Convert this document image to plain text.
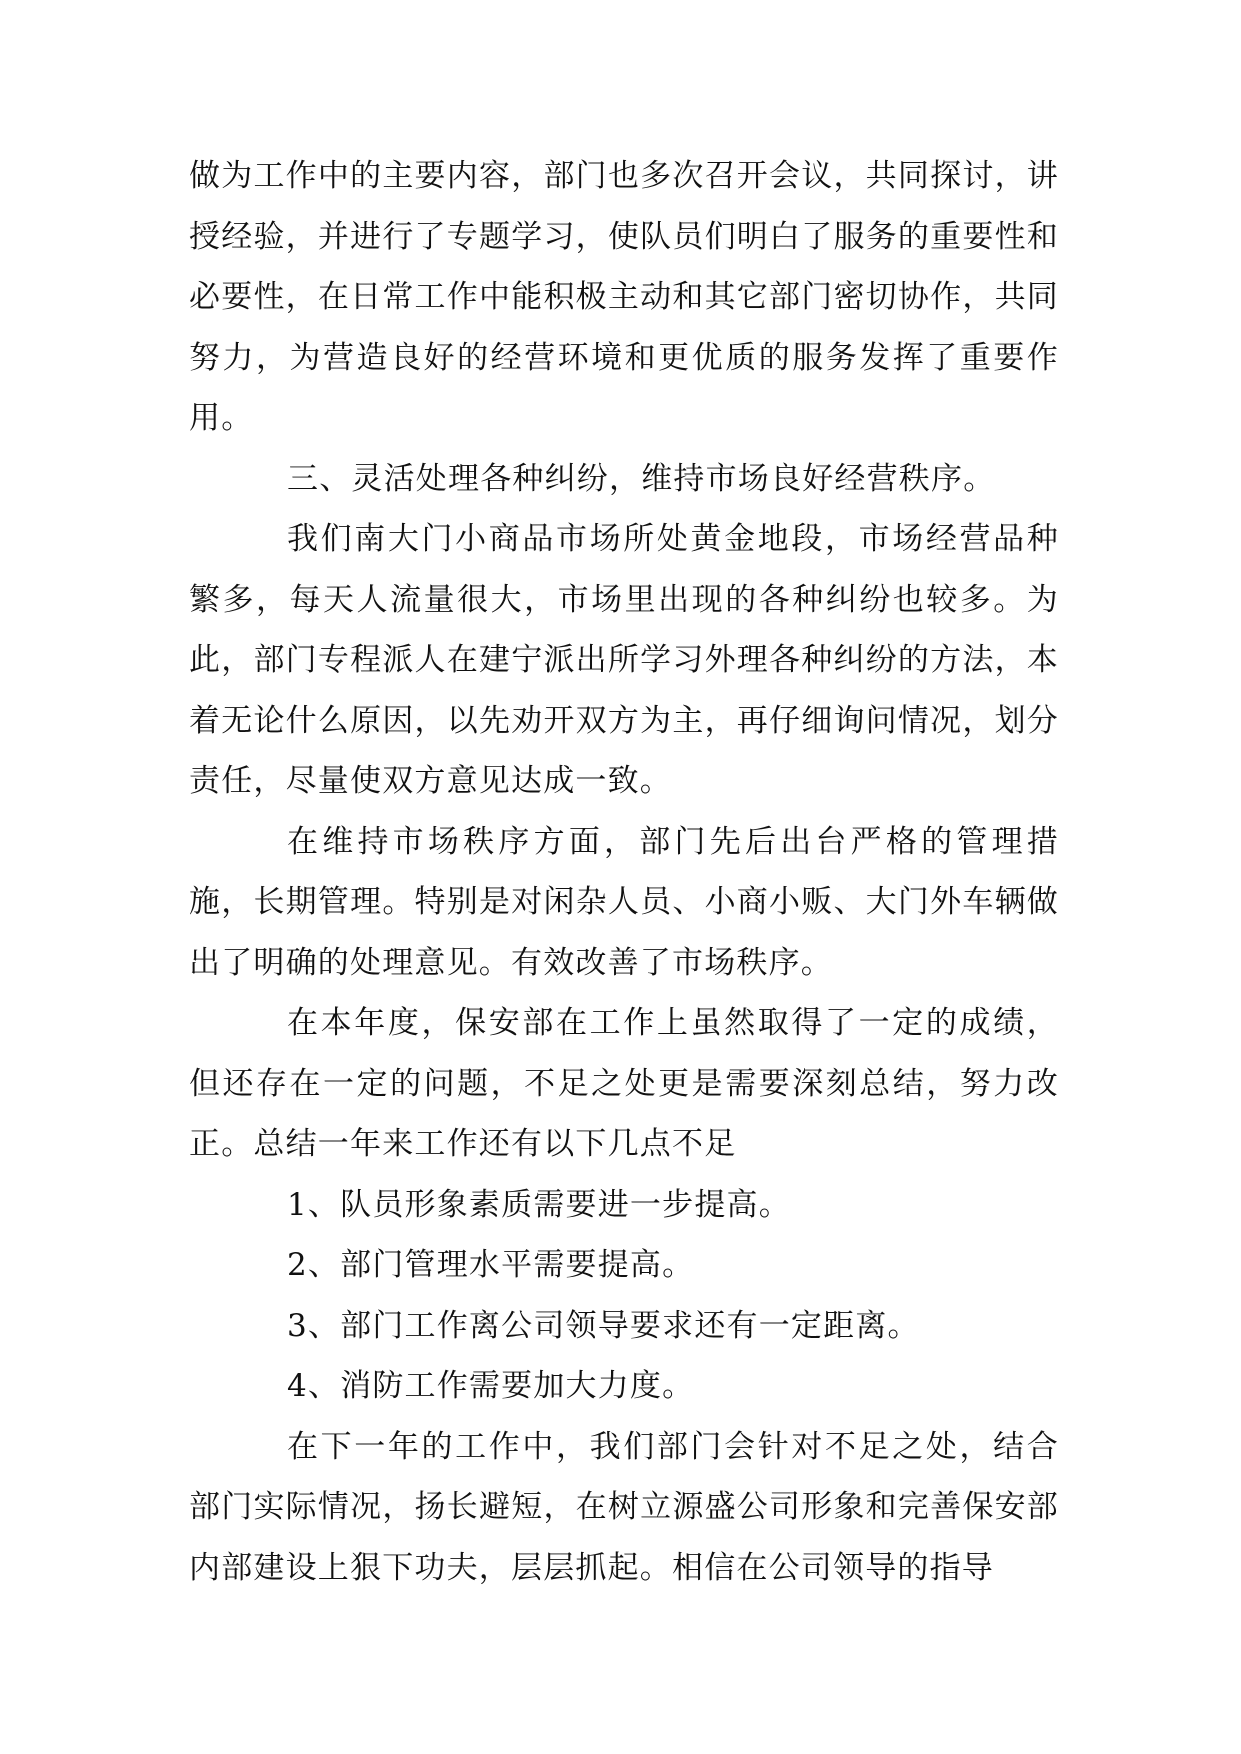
做为工作中的主要内容，部门也多次召开会议，共同探讨，讲授经验，并进行了专题学习，使队员们明白了服务的重要性和必要性，在日常工作中能积极主动和其它部门密切协作，共同努力，为营造良好的经营环境和更优质的服务发挥了重要作用。

三、灵活处理各种纠纷，维持市场良好经营秩序。

我们南大门小商品市场所处黄金地段，市场经营品种繁多，每天人流量很大，市场里出现的各种纠纷也较多。为此，部门专程派人在建宁派出所学习外理各种纠纷的方法，本着无论什么原因，以先劝开双方为主，再仔细询问情况，划分责任，尽量使双方意见达成一致。

在维持市场秩序方面，部门先后出台严格的管理措施，长期管理。特别是对闲杂人员、小商小贩、大门外车辆做出了明确的处理意见。有效改善了市场秩序。

在本年度，保安部在工作上虽然取得了一定的成绩，但还存在一定的问题，不足之处更是需要深刻总结，努力改正。总结一年来工作还有以下几点不足

1、队员形象素质需要进一步提高。

2、部门管理水平需要提高。

3、部门工作离公司领导要求还有一定距离。

4、消防工作需要加大力度。

在下一年的工作中，我们部门会针对不足之处，结合部门实际情况，扬长避短，在树立源盛公司形象和完善保安部内部建设上狠下功夫，层层抓起。相信在公司领导的指导
